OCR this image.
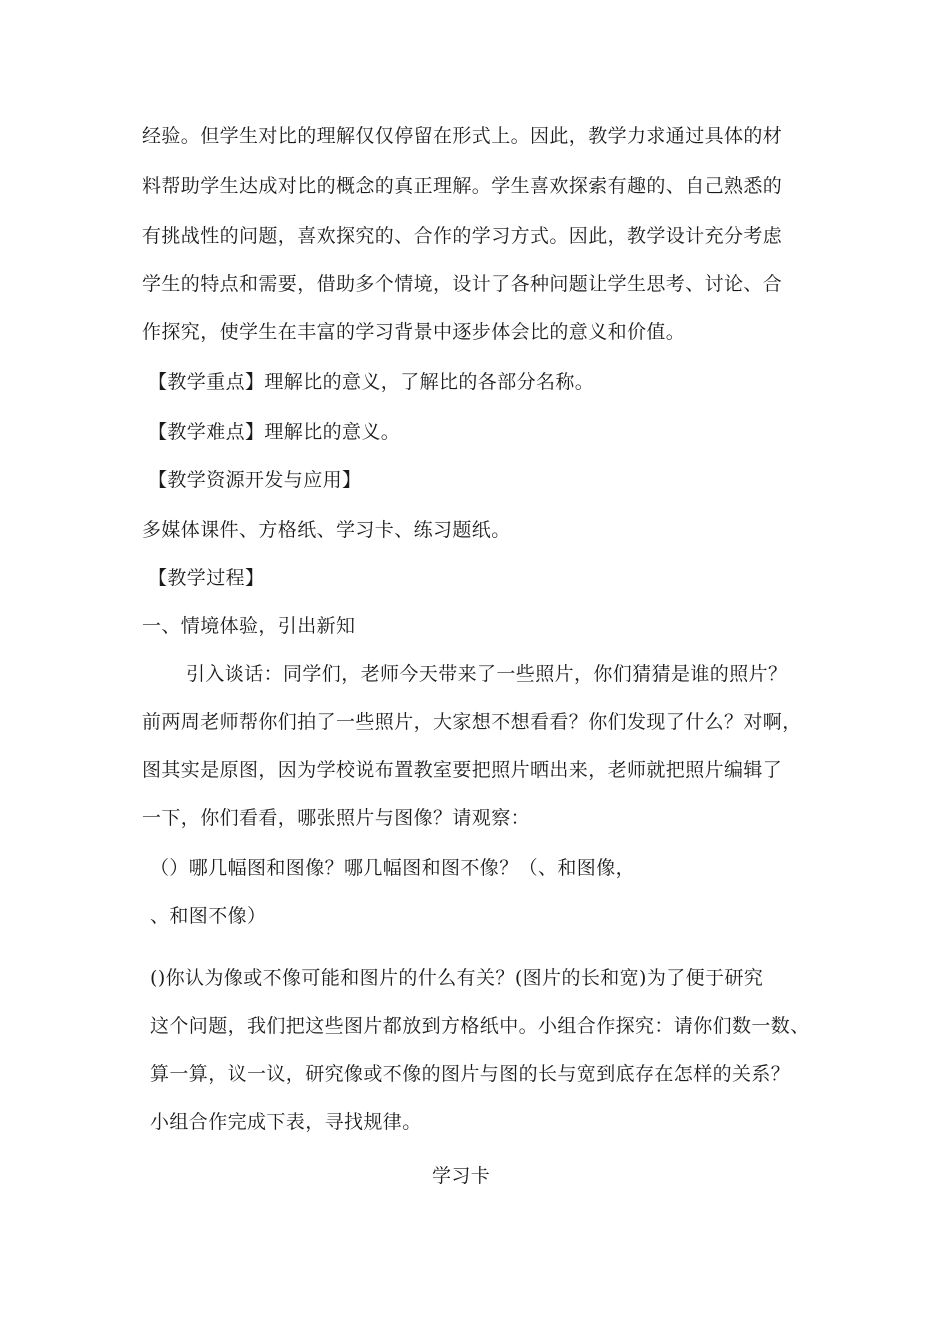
经验。但学生对比的理解仅仅停留在形式上。因此，教学力求通过具体的材
料帮助学生达成对比的概念的真正理解。学生喜欢探索有趣的、自己熟悉的
有挑战性的问题，喜欢探究的、合作的学习方式。因此，教学设计充分考虑
学生的特点和需要，借助多个情境，设计了各种问题让学生思考、讨论、合
作探究，使学生在丰富的学习背景中逐步体会比的意义和价值。
【教学重点】理解比的意义，了解比的各部分名称。
【教学难点】理解比的意义。
【教学资源开发与应用】
多媒体课件、方格纸、学习卡、练习题纸。
【教学过程】
一、情境体验，引出新知
引入谈话：同学们，老师今天带来了一些照片，你们猜猜是谁的照片？
前两周老师帮你们拍了一些照片，大家想不想看看？你们发现了什么？对啊，
图其实是原图，因为学校说布置教室要把照片晒出来，老师就把照片编辑了
一下，你们看看，哪张照片与图像？请观察：
（）哪几幅图和图像？哪几幅图和图不像？（、和图像，
、和图不像）
()你认为像或不像可能和图片的什么有关？(图片的长和宽)为了便于研究
这个问题，我们把这些图片都放到方格纸中。小组合作探究：请你们数一数、
算一算，议一议，研究像或不像的图片与图的长与宽到底存在怎样的关系？
小组合作完成下表，寻找规律。
学习卡
